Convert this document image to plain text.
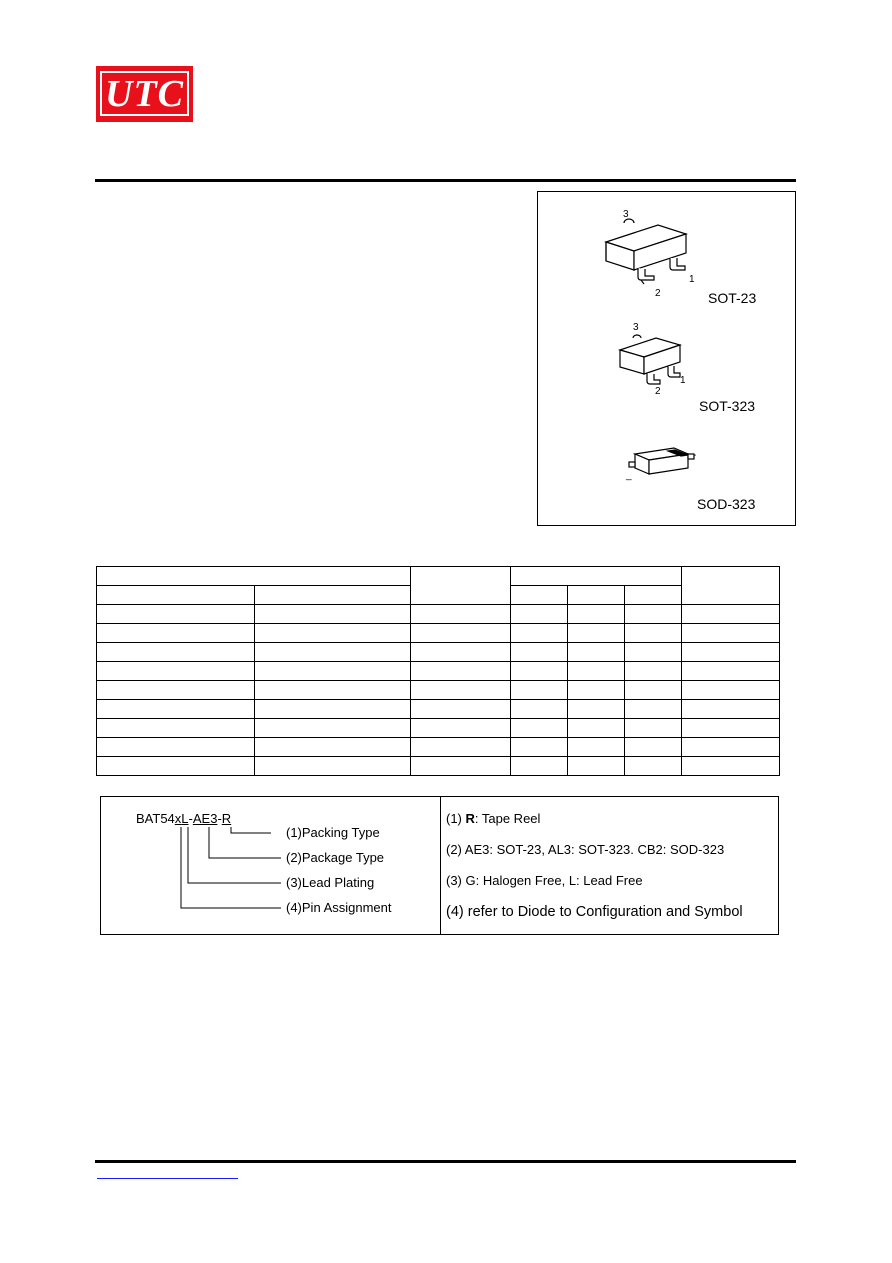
UTC
3
2
1
SOT-23
3
2
1
SOT-323
-
_
SOD-323

BAT54xL-AE3-R
(1)Packing Type
(2)Package Type
(3)Lead Plating
(4)Pin Assignment
(1) R: Tape Reel
(2) AE3: SOT-23, AL3: SOT-323. CB2: SOD-323
(3) G: Halogen Free, L: Lead Free
(4) refer to Diode to Configuration and Symbol
